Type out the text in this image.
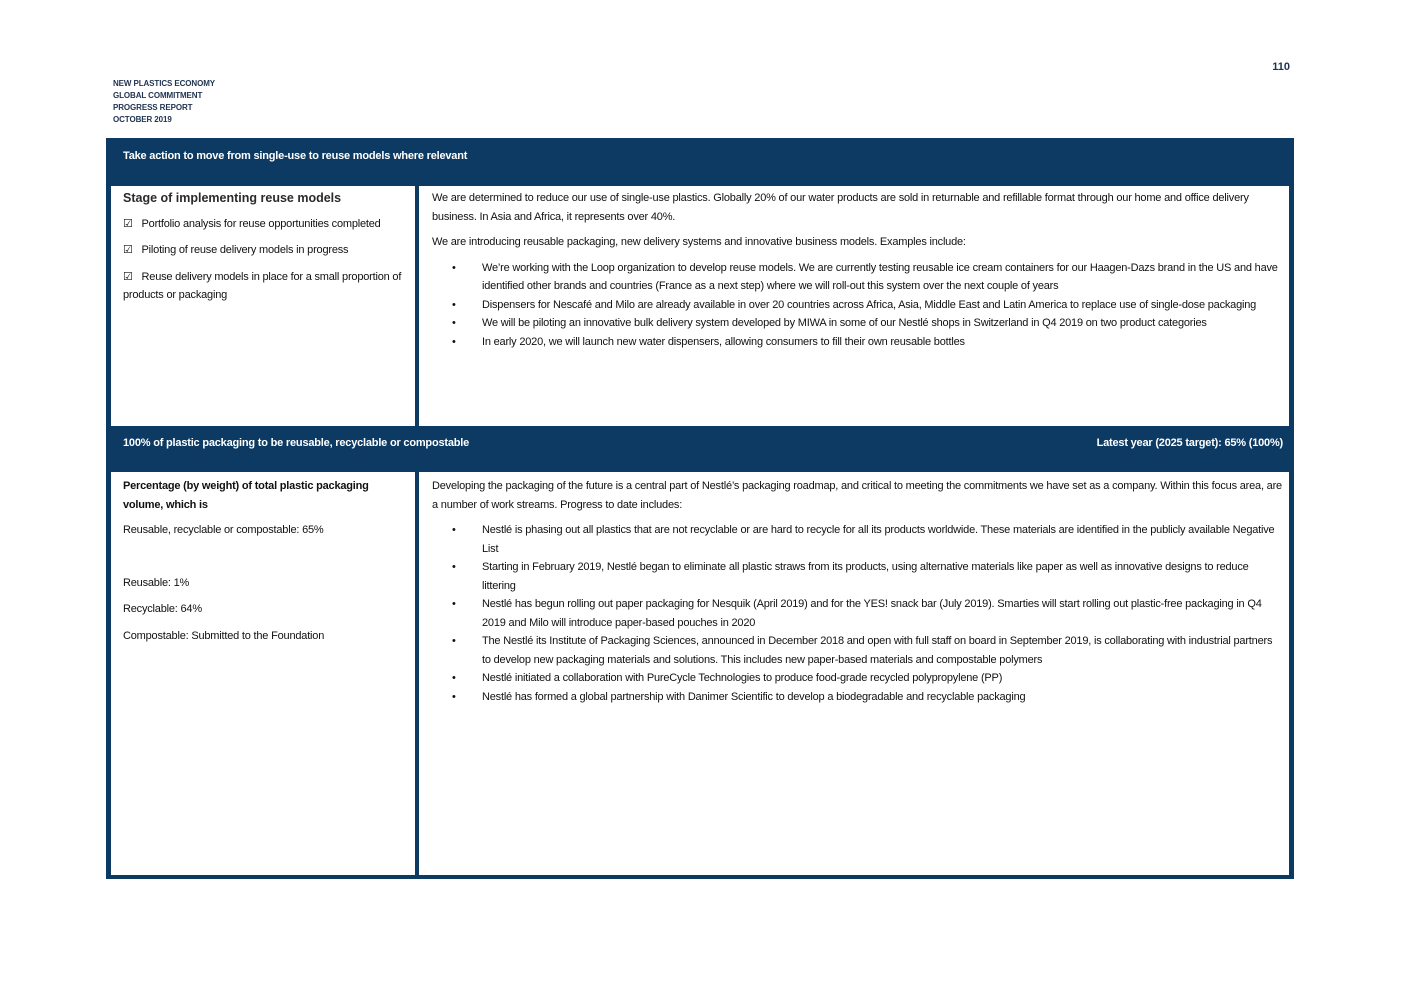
110
NEW PLASTICS ECONOMY
GLOBAL COMMITMENT
PROGRESS REPORT
OCTOBER 2019
Take action to move from single-use to reuse models where relevant
Stage of implementing reuse models
☑ Portfolio analysis for reuse opportunities completed
☑ Piloting of reuse delivery models in progress
☑ Reuse delivery models in place for a small proportion of products or packaging

We are determined to reduce our use of single-use plastics. Globally 20% of our water products are sold in returnable and refillable format through our home and office delivery business. In Asia and Africa, it represents over 40%.

We are introducing reusable packaging, new delivery systems and innovative business models. Examples include:

• We’re working with the Loop organization to develop reuse models. We are currently testing reusable ice cream containers for our Haagen-Dazs brand in the US and have identified other brands and countries (France as a next step) where we will roll-out this system over the next couple of years
• Dispensers for Nescafé and Milo are already available in over 20 countries across Africa, Asia, Middle East and Latin America to replace use of single-dose packaging
• We will be piloting an innovative bulk delivery system developed by MIWA in some of our Nestlé shops in Switzerland in Q4 2019 on two product categories
• In early 2020, we will launch new water dispensers, allowing consumers to fill their own reusable bottles
100% of plastic packaging to be reusable, recyclable or compostable	Latest year (2025 target): 65% (100%)
Percentage (by weight) of total plastic packaging volume, which is
Reusable, recyclable or compostable: 65%
Reusable: 1%
Recyclable: 64%
Compostable: Submitted to the Foundation

Developing the packaging of the future is a central part of Nestlé’s packaging roadmap, and critical to meeting the commitments we have set as a company. Within this focus area, are a number of work streams. Progress to date includes:

• Nestlé is phasing out all plastics that are not recyclable or are hard to recycle for all its products worldwide. These materials are identified in the publicly available Negative List
• Starting in February 2019, Nestlé began to eliminate all plastic straws from its products, using alternative materials like paper as well as innovative designs to reduce littering
• Nestlé has begun rolling out paper packaging for Nesquik (April 2019) and for the YES! snack bar (July 2019). Smarties will start rolling out plastic-free packaging in Q4 2019 and Milo will introduce paper-based pouches in 2020
• The Nestlé its Institute of Packaging Sciences, announced in December 2018 and open with full staff on board in September 2019, is collaborating with industrial partners to develop new packaging materials and solutions. This includes new paper-based materials and compostable polymers
• Nestlé initiated a collaboration with PureCycle Technologies to produce food-grade recycled polypropylene (PP)
• Nestlé has formed a global partnership with Danimer Scientific to develop a biodegradable and recyclable packaging
